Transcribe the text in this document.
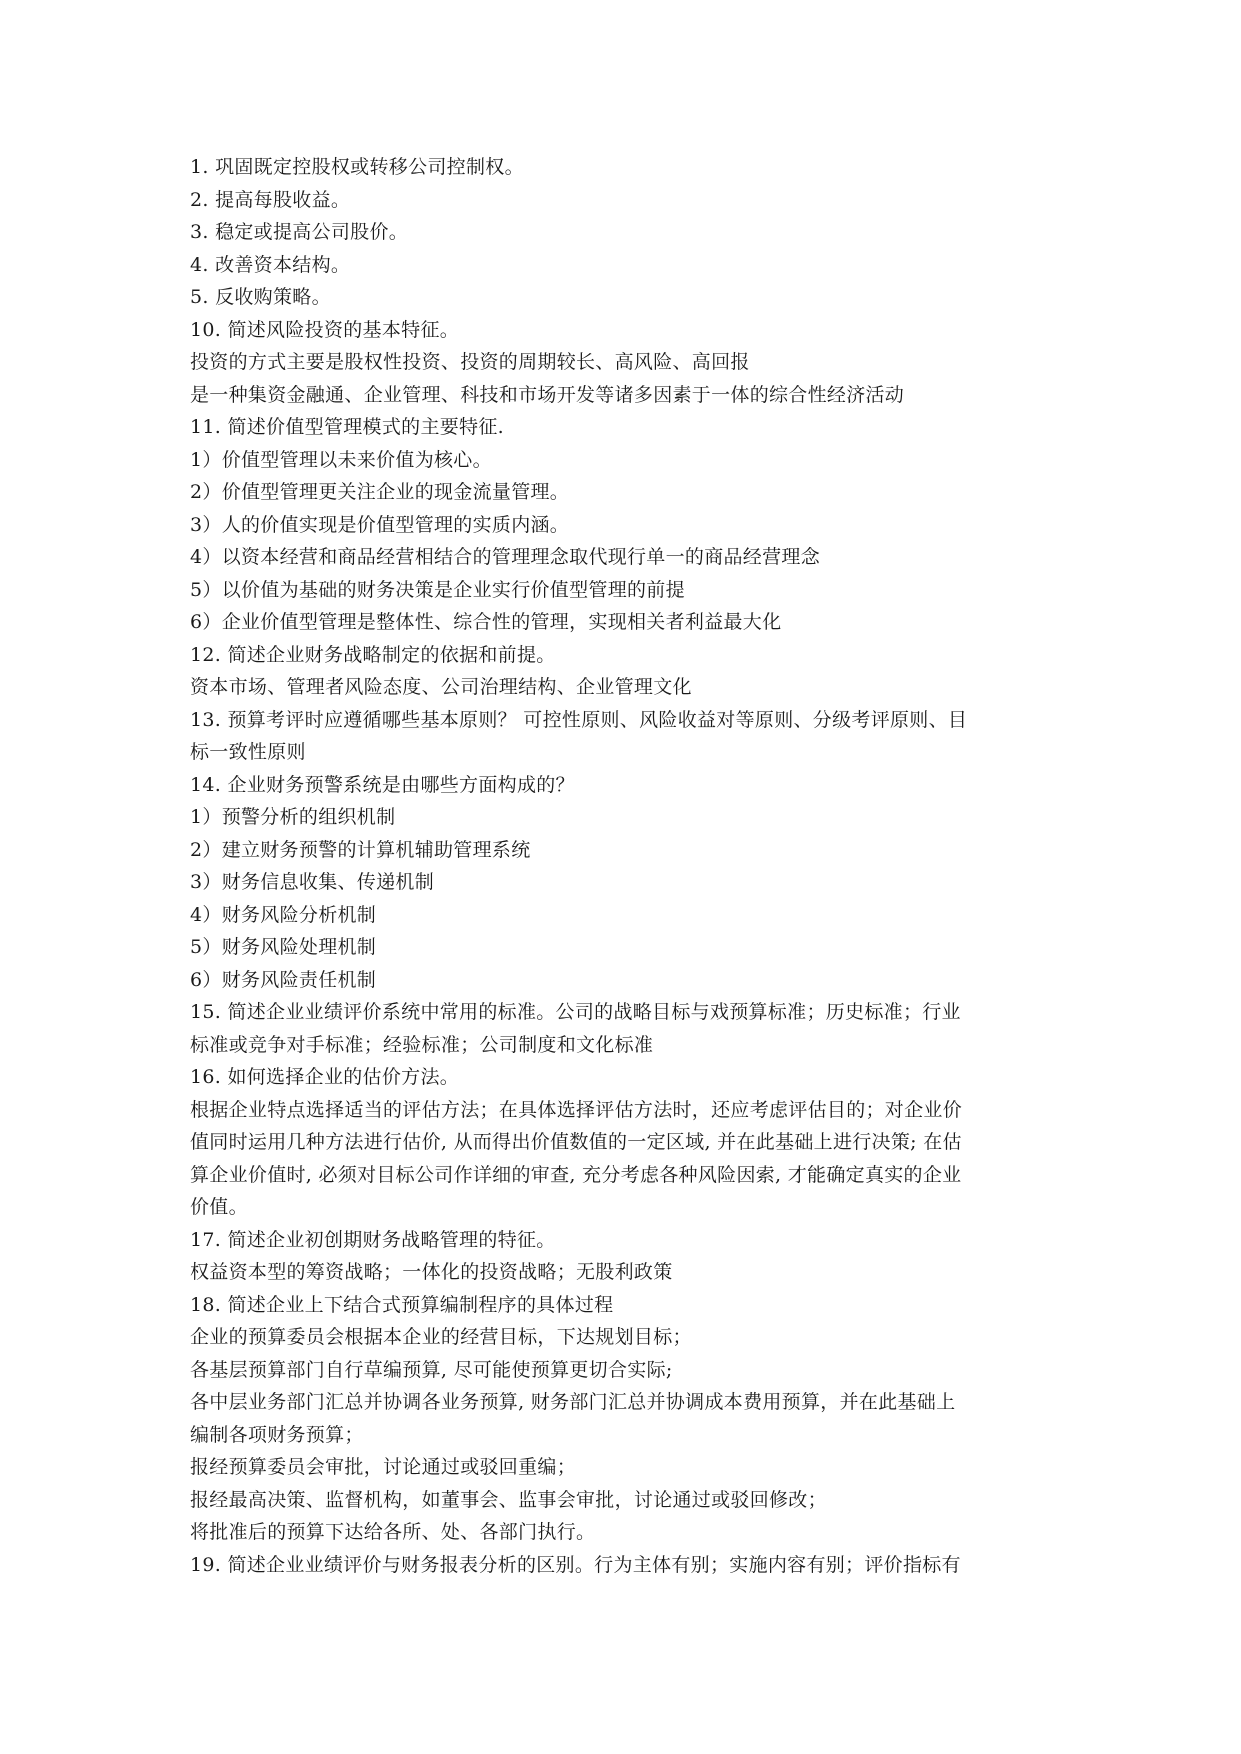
1. 巩固既定控股权或转移公司控制权。
2. 提高每股收益。
3. 稳定或提高公司股价。
4. 改善资本结构。
5. 反收购策略。
10. 简述风险投资的基本特征。
投资的方式主要是股权性投资、投资的周期较长、高风险、高回报
是一种集资金融通、企业管理、科技和市场开发等诸多因素于一体的综合性经济活动
11. 简述价值型管理模式的主要特征.
1）价值型管理以未来价值为核心。
2）价值型管理更关注企业的现金流量管理。
3）人的价值实现是价值型管理的实质内涵。
4）以资本经营和商品经营相结合的管理理念取代现行单一的商品经营理念
5）以价值为基础的财务决策是企业实行价值型管理的前提
6）企业价值型管理是整体性、综合性的管理，实现相关者利益最大化
12. 简述企业财务战略制定的依据和前提。
资本市场、管理者风险态度、公司治理结构、企业管理文化
13. 预算考评时应遵循哪些基本原则？ 可控性原则、风险收益对等原则、分级考评原则、目
标一致性原则
14. 企业财务预警系统是由哪些方面构成的？
1）预警分析的组织机制
2）建立财务预警的计算机辅助管理系统
3）财务信息收集、传递机制
4）财务风险分析机制
5）财务风险处理机制
6）财务风险责任机制
15. 简述企业业绩评价系统中常用的标准。公司的战略目标与戏预算标准；历史标准；行业
标准或竞争对手标准；经验标准；公司制度和文化标准
16. 如何选择企业的估价方法。
根据企业特点选择适当的评估方法；在具体选择评估方法时，还应考虑评估目的；对企业价
值同时运用几种方法进行估价, 从而得出价值数值的一定区域, 并在此基础上进行决策; 在估
算企业价值时, 必须对目标公司作详细的审查, 充分考虑各种风险因索, 才能确定真实的企业
价值。
17. 简述企业初创期财务战略管理的特征。
权益资本型的筹资战略；一体化的投资战略；无股利政策
18. 简述企业上下结合式预算编制程序的具体过程
企业的预算委员会根据本企业的经营目标，下达规划目标；
各基层预算部门自行草编预算, 尽可能使预算更切合实际;
各中层业务部门汇总并协调各业务预算, 财务部门汇总并协调成本费用预算，并在此基础上
编制各项财务预算；
报经预算委员会审批，讨论通过或驳回重编；
报经最高决策、监督机构，如董事会、监事会审批，讨论通过或驳回修改；
将批准后的预算下达给各所、处、各部门执行。
19. 简述企业业绩评价与财务报表分析的区别。行为主体有别；实施内容有别；评价指标有
